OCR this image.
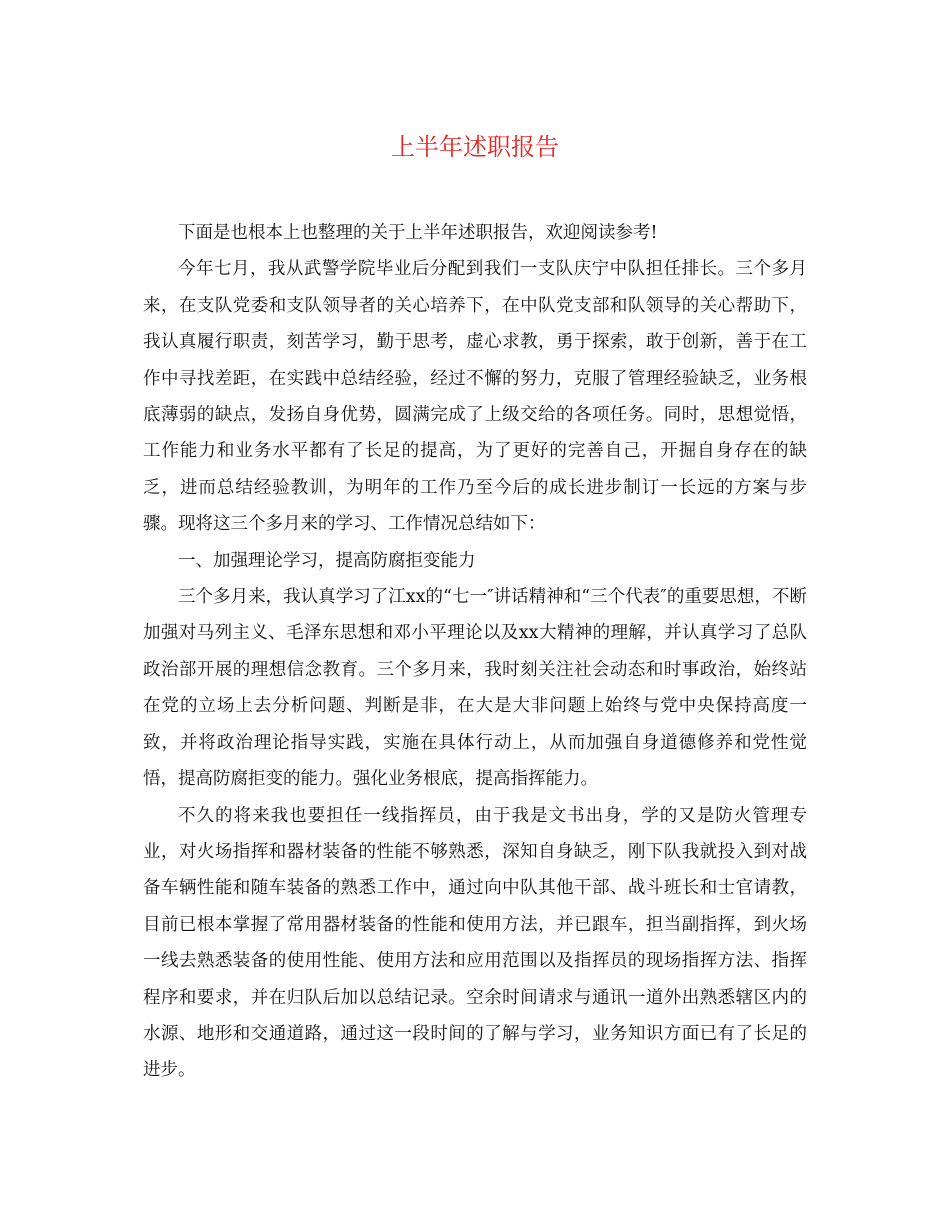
上半年述职报告

下面是也根本上也整理的关于上半年述职报告，欢迎阅读参考!

今年七月，我从武警学院毕业后分配到我们一支队庆宁中队担任排长。三个多月来，在支队党委和支队领导者的关心培养下，在中队党支部和队领导的关心帮助下，我认真履行职责，刻苦学习，勤于思考，虚心求教，勇于探索，敢于创新，善于在工作中寻找差距，在实践中总结经验，经过不懈的努力，克服了管理经验缺乏，业务根底薄弱的缺点，发扬自身优势，圆满完成了上级交给的各项任务。同时，思想觉悟，工作能力和业务水平都有了长足的提高，为了更好的完善自己，开掘自身存在的缺乏，进而总结经验教训，为明年的工作乃至今后的成长进步制订一长远的方案与步骤。现将这三个多月来的学习、工作情况总结如下：

一、加强理论学习，提高防腐拒变能力

三个多月来，我认真学习了江xx的“七一″讲话精神和“三个代表″的重要思想，不断加强对马列主义、毛泽东思想和邓小平理论以及xx大精神的理解，并认真学习了总队政治部开展的理想信念教育。三个多月来，我时刻关注社会动态和时事政治，始终站在党的立场上去分析问题、判断是非，在大是大非问题上始终与党中央保持高度一致，并将政治理论指导实践，实施在具体行动上，从而加强自身道德修养和党性觉悟，提高防腐拒变的能力。强化业务根底，提高指挥能力。

不久的将来我也要担任一线指挥员，由于我是文书出身，学的又是防火管理专业，对火场指挥和器材装备的性能不够熟悉，深知自身缺乏，刚下队我就投入到对战备车辆性能和随车装备的熟悉工作中，通过向中队其他干部、战斗班长和士官请教，目前已根本掌握了常用器材装备的性能和使用方法，并已跟车，担当副指挥，到火场一线去熟悉装备的使用性能、使用方法和应用范围以及指挥员的现场指挥方法、指挥程序和要求，并在归队后加以总结记录。空余时间请求与通讯一道外出熟悉辖区内的水源、地形和交通道路，通过这一段时间的了解与学习，业务知识方面已有了长足的进步。
